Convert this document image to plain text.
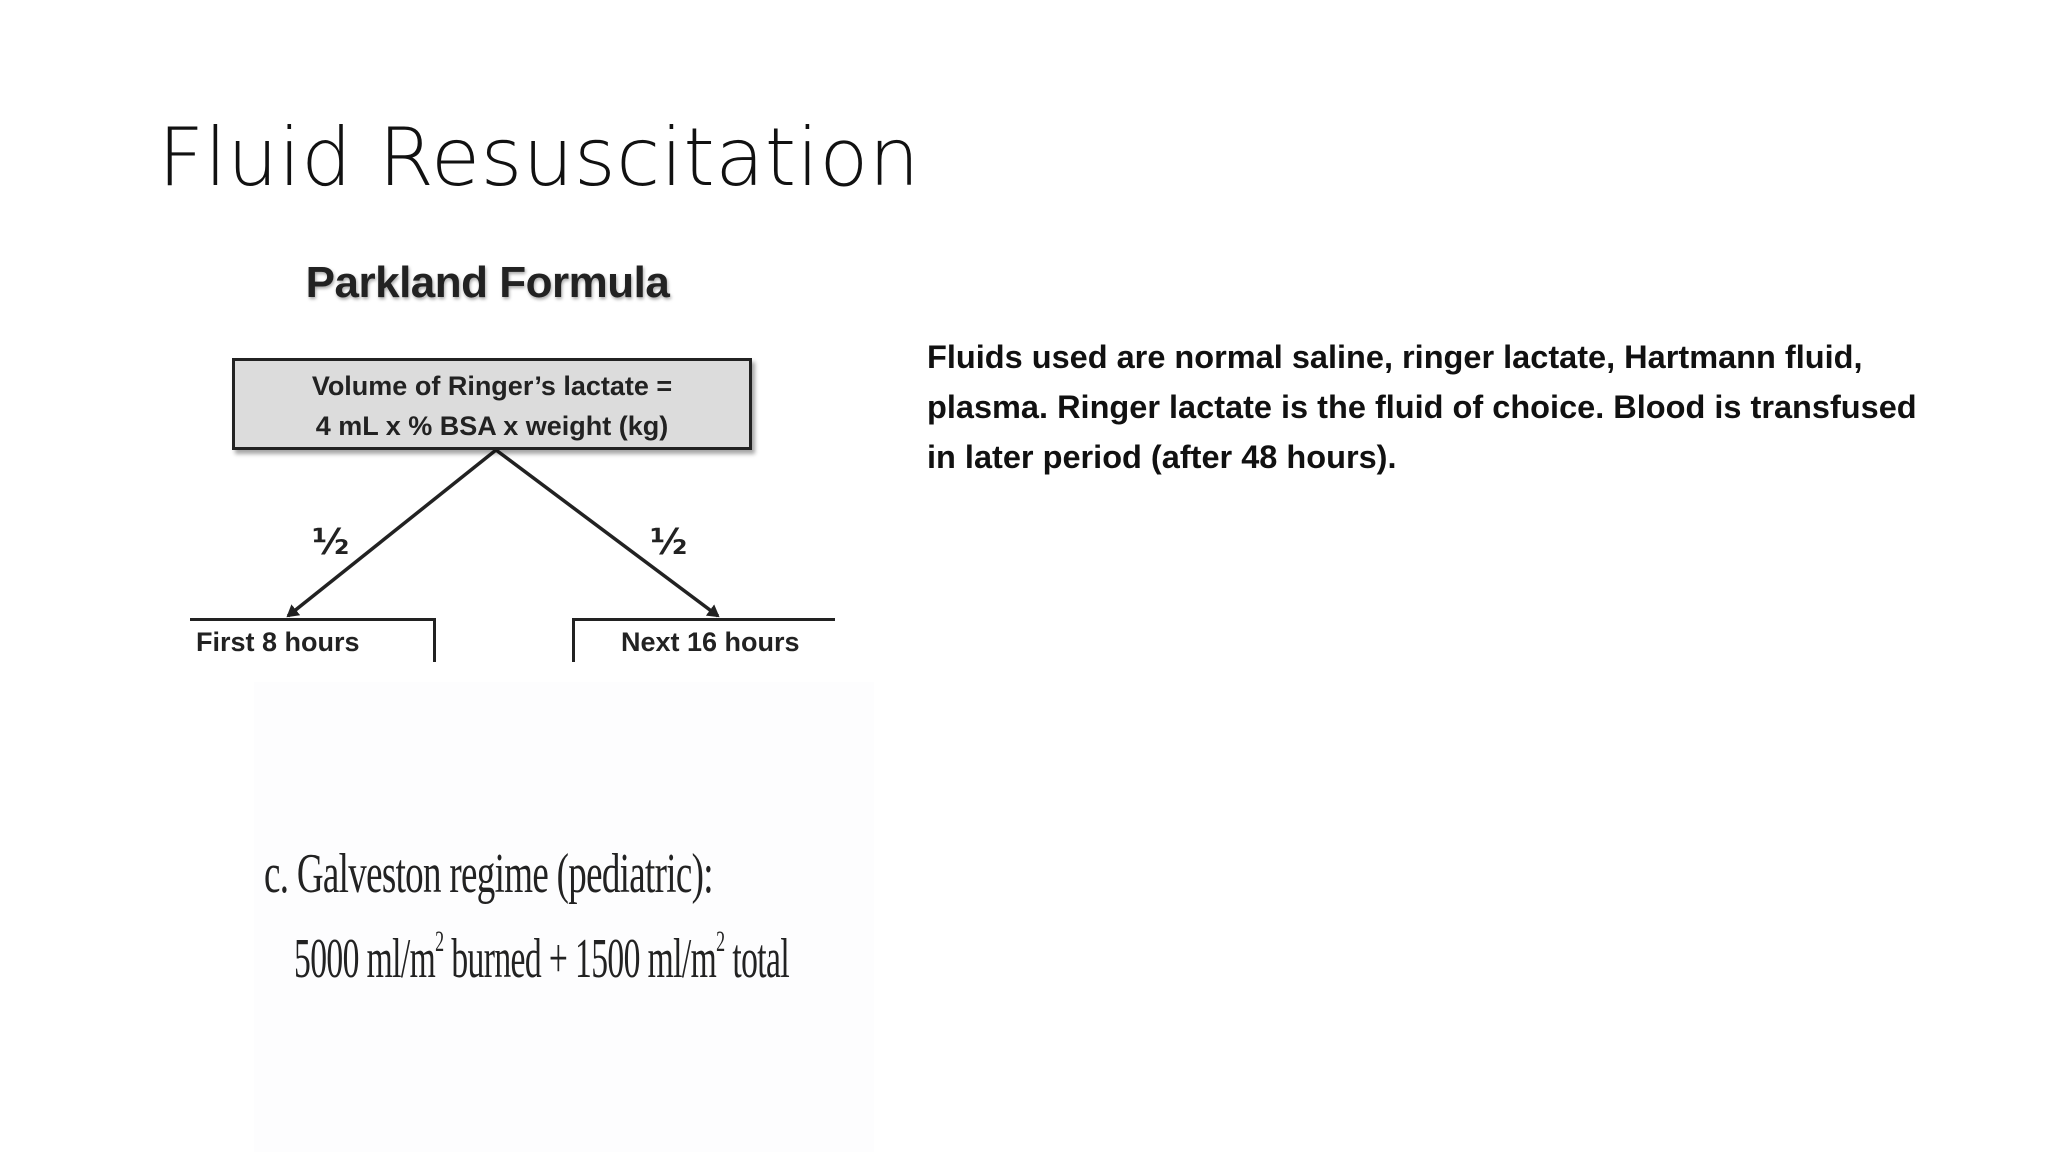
Fluid Resuscitation
Parkland Formula
Volume of Ringer’s lactate =
4 mL x % BSA x weight (kg)
½	½
First 8 hours	Next 16 hours
Fluids used are normal saline, ringer lactate, Hartmann fluid, plasma. Ringer lactate is the fluid of choice. Blood is transfused in later period (after 48 hours).
c. Galveston regime (pediatric):
5000 $ml/m^2$ burned + 1500 $ml/m^2$ total
